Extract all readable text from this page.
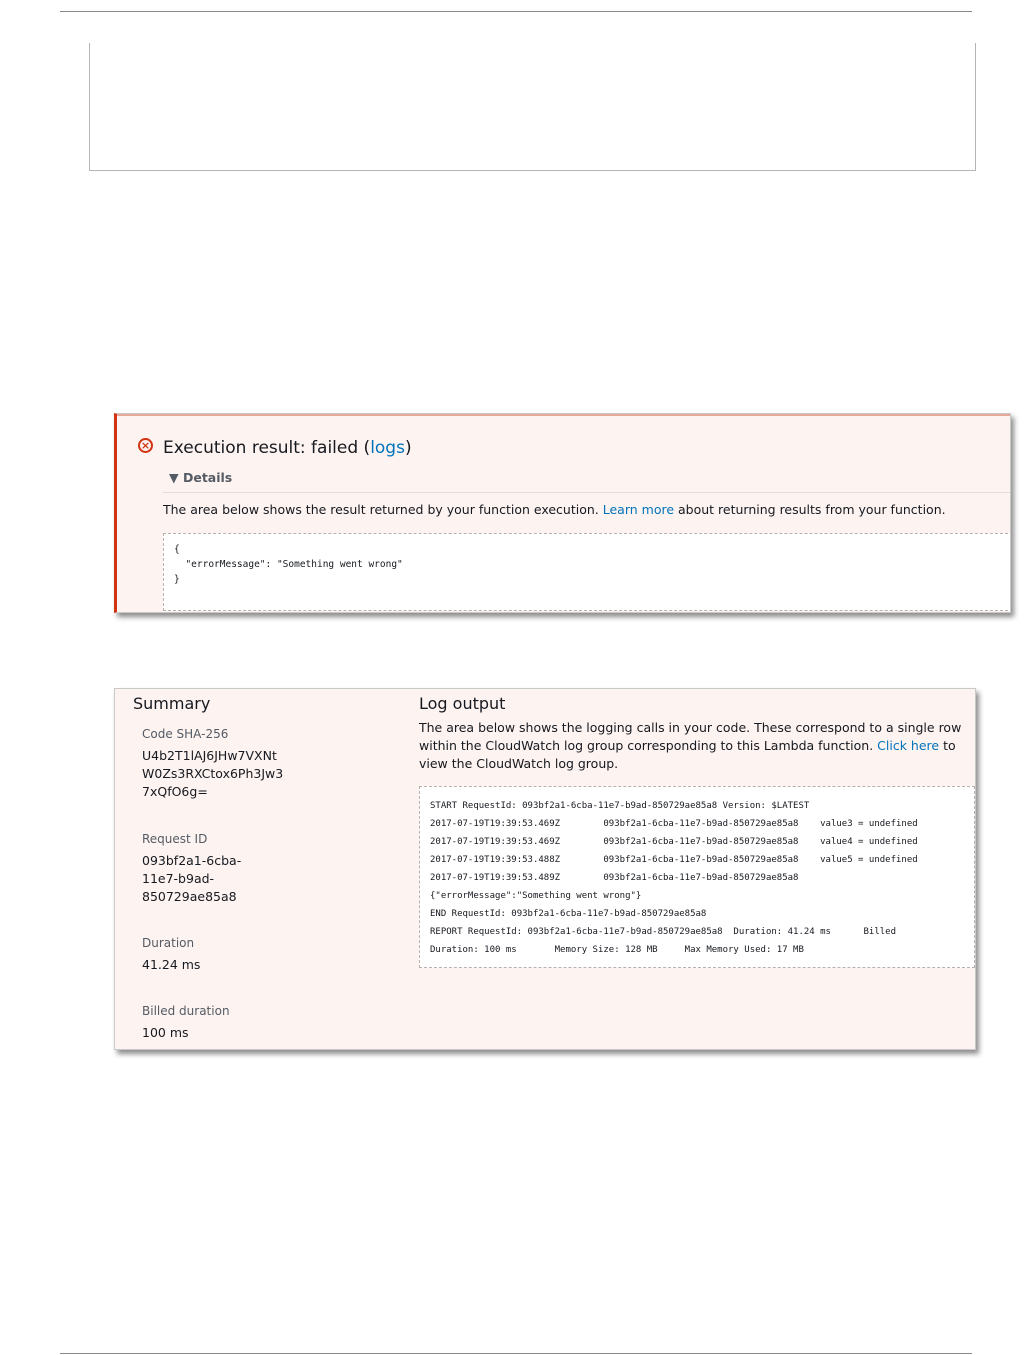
× Execution result: failed (logs)
▼ Details
The area below shows the result returned by your function execution. Learn more about returning results from your function.
{
"errorMessage": "Something went wrong"
}
Summary
Code SHA-256
U4b2T1lAJ6JHw7VXNt
W0Zs3RXCtox6Ph3Jw3
7xQfO6g=
Request ID
093bf2a1-6cba-
11e7-b9ad-
850729ae85a8
Duration
41.24 ms
Billed duration
100 ms
Log output
The area below shows the logging calls in your code. These correspond to a single row within the CloudWatch log group corresponding to this Lambda function. Click here to view the CloudWatch log group.
START RequestId: 093bf2a1-6cba-11e7-b9ad-850729ae85a8 Version: $LATEST
2017-07-19T19:39:53.469Z        093bf2a1-6cba-11e7-b9ad-850729ae85a8    value3 = undefined
2017-07-19T19:39:53.469Z        093bf2a1-6cba-11e7-b9ad-850729ae85a8    value4 = undefined
2017-07-19T19:39:53.488Z        093bf2a1-6cba-11e7-b9ad-850729ae85a8    value5 = undefined
2017-07-19T19:39:53.489Z        093bf2a1-6cba-11e7-b9ad-850729ae85a8
{"errorMessage":"Something went wrong"}
END RequestId: 093bf2a1-6cba-11e7-b9ad-850729ae85a8
REPORT RequestId: 093bf2a1-6cba-11e7-b9ad-850729ae85a8  Duration: 41.24 ms      Billed
Duration: 100 ms       Memory Size: 128 MB     Max Memory Used: 17 MB
